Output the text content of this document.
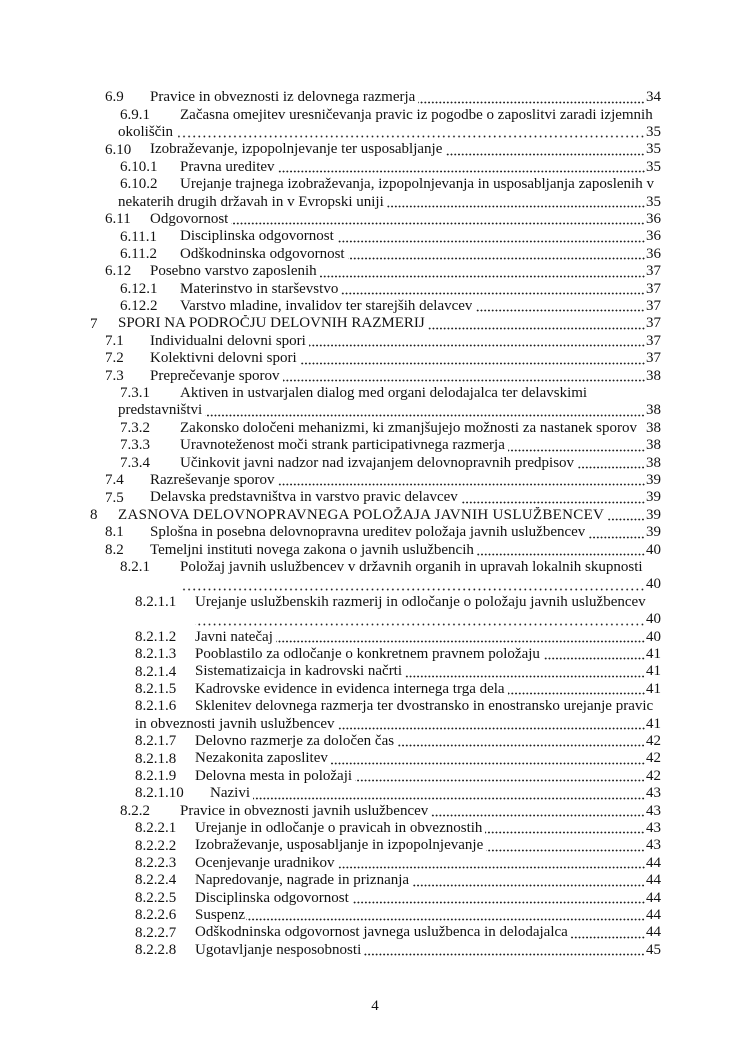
6.9 Pravice in obveznosti iz delovnega razmerja	34
6.9.1 Začasna omejitev uresničevanja pravic iz pogodbe o zaposlitvi zaradi izjemnih
okoliščin	35
6.10 Izobraževanje, izpopolnjevanje ter usposabljanje	35
6.10.1 Pravna ureditev	35
6.10.2 Urejanje trajnega izobraževanja, izpopolnjevanja in usposabljanja zaposlenih v
nekaterih drugih državah in v Evropski uniji	35
6.11 Odgovornost	36
6.11.1 Disciplinska odgovornost	36
6.11.2 Odškodninska odgovornost	36
6.12 Posebno varstvo zaposlenih	37
6.12.1 Materinstvo in starševstvo	37
6.12.2 Varstvo mladine, invalidov ter starejših delavcev	37
7 SPORI NA PODROČJU DELOVNIH RAZMERIJ	37
7.1 Individualni delovni spori	37
7.2 Kolektivni delovni spori	37
7.3 Preprečevanje sporov	38
7.3.1 Aktiven in ustvarjalen dialog med organi delodajalca ter delavskimi
predstavništvi	38
7.3.2 Zakonsko določeni mehanizmi, ki zmanjšujejo možnosti za nastanek sporov 38
7.3.3 Uravnoteženost moči strank participativnega razmerja	38
7.3.4 Učinkovit javni nadzor nad izvajanjem delovnopravnih predpisov	38
7.4 Razreševanje sporov	39
7.5 Delavska predstavništva in varstvo pravic delavcev	39
8 ZASNOVA DELOVNOPRAVNEGA POLOŽAJA JAVNIH USLUŽBENCEV	39
8.1 Splošna in posebna delovnopravna ureditev položaja javnih uslužbencev	39
8.2 Temeljni instituti novega zakona o javnih uslužbencih	40
8.2.1 Položaj javnih uslužbencev v državnih organih in upravah lokalnih skupnosti
40
8.2.1.1 Urejanje uslužbenskih razmerij in odločanje o položaju javnih uslužbencev
40
8.2.1.2 Javni natečaj	40
8.2.1.3 Pooblastilo za odločanje o konkretnem pravnem položaju	41
8.2.1.4 Sistematizaicja in kadrovski načrti	41
8.2.1.5 Kadrovske evidence in evidenca internega trga dela	41
8.2.1.6 Sklenitev delovnega razmerja ter dvostransko in enostransko urejanje pravic
in obveznosti javnih uslužbencev	41
8.2.1.7 Delovno razmerje za določen čas	42
8.2.1.8 Nezakonita zaposlitev	42
8.2.1.9 Delovna mesta in položaji	42
8.2.1.10 Nazivi	43
8.2.2 Pravice in obveznosti javnih uslužbencev	43
8.2.2.1 Urejanje in odločanje o pravicah in obveznostih	43
8.2.2.2 Izobraževanje, usposabljanje in izpopolnjevanje	43
8.2.2.3 Ocenjevanje uradnikov	44
8.2.2.4 Napredovanje, nagrade in priznanja	44
8.2.2.5 Disciplinska odgovornost	44
8.2.2.6 Suspenz	44
8.2.2.7 Odškodninska odgovornost javnega uslužbenca in delodajalca	44
8.2.2.8 Ugotavljanje nesposobnosti	45
4
